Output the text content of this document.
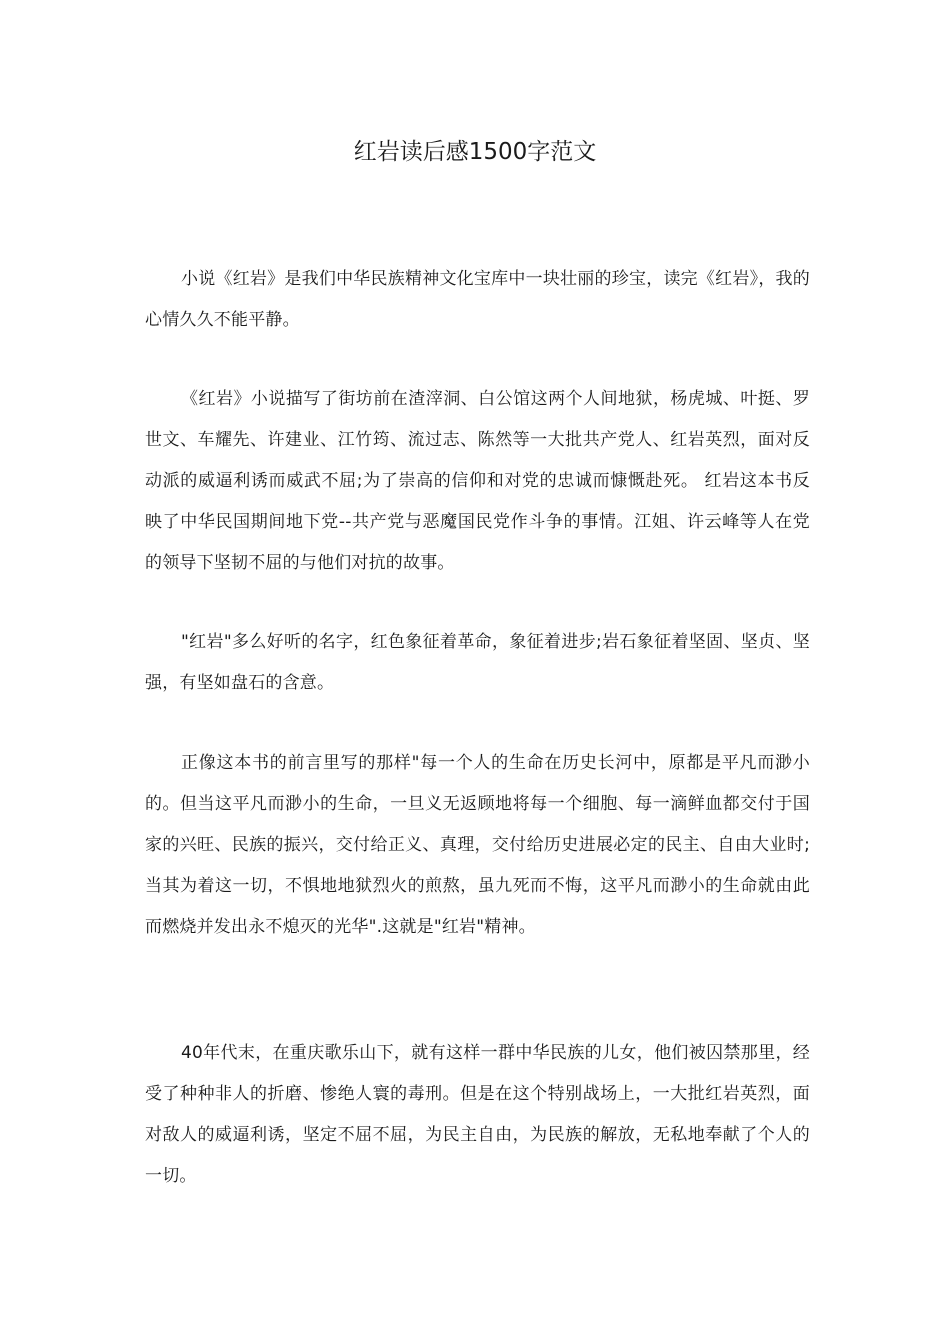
红岩读后感1500字范文

小说《红岩》是我们中华民族精神文化宝库中一块壮丽的珍宝，读完《红岩》，我的心情久久不能平静。

《红岩》小说描写了街坊前在渣滓洞、白公馆这两个人间地狱，杨虎城、叶挺、罗世文、车耀先、许建业、江竹筠、流过志、陈然等一大批共产党人、红岩英烈，面对反动派的威逼利诱而威武不屈;为了崇高的信仰和对党的忠诚而慷慨赴死。 红岩这本书反映了中华民国期间地下党--共产党与恶魔国民党作斗争的事情。江姐、许云峰等人在党的领导下坚韧不屈的与他们对抗的故事。

"红岩"多么好听的名字，红色象征着革命，象征着进步;岩石象征着坚固、坚贞、坚强，有坚如盘石的含意。

正像这本书的前言里写的那样"每一个人的生命在历史长河中，原都是平凡而渺小的。但当这平凡而渺小的生命，一旦义无返顾地将每一个细胞、每一滴鲜血都交付于国家的兴旺、民族的振兴，交付给正义、真理，交付给历史进展必定的民主、自由大业时;当其为着这一切，不惧地地狱烈火的煎熬，虽九死而不悔，这平凡而渺小的生命就由此而燃烧并发出永不熄灭的光华".这就是"红岩"精神。

40年代末，在重庆歌乐山下，就有这样一群中华民族的儿女，他们被囚禁那里，经受了种种非人的折磨、惨绝人寰的毒刑。但是在这个特别战场上，一大批红岩英烈，面对敌人的威逼利诱，坚定不屈不屈，为民主自由，为民族的解放，无私地奉献了个人的一切。
